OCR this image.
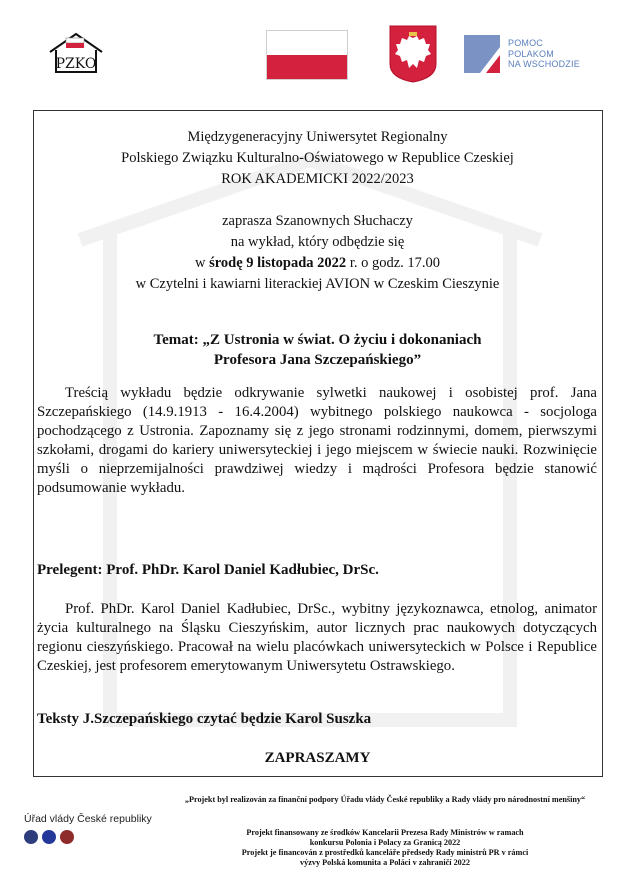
PZKO
POMOC
POLAKOM
NA WSCHODZIE
Międzygeneracyjny Uniwersytet Regionalny
Polskiego Związku Kulturalno-Oświatowego w Republice Czeskiej
ROK AKADEMICKI 2022/2023
zaprasza Szanownych Słuchaczy
na wykład, który odbędzie się
w środę 9 listopada 2022 r. o godz. 17.00
w Czytelni i kawiarni literackiej AVION w Czeskim Cieszynie
Temat: „Z Ustronia w świat. O życiu i dokonaniach
Profesora Jana Szczepańskiego”

Treścią wykładu będzie odkrywanie sylwetki naukowej i osobistej prof. Jana Szczepańskiego (14.9.1913 - 16.4.2004) wybitnego polskiego naukowca - socjologa pochodzącego z Ustronia. Zapoznamy się z jego stronami rodzinnymi, domem, pierwszymi szkołami, drogami do kariery uniwersyteckiej i jego miejscem w świecie nauki. Rozwinięcie myśli o nieprzemijalności prawdziwej wiedzy i mądrości Profesora będzie stanowić podsumowanie wykładu.

Prelegent: Prof. PhDr. Karol Daniel Kadłubiec, DrSc.

Prof. PhDr. Karol Daniel Kadłubiec, DrSc., wybitny językoznawca, etnolog, animator życia kulturalnego na Śląsku Cieszyńskim, autor licznych prac naukowych dotyczących regionu cieszyńskiego. Pracował na wielu placówkach uniwersyteckich w Polsce i Republice Czeskiej, jest profesorem emerytowanym Uniwersytetu Ostrawskiego.

Teksty J.Szczepańskiego czytać będzie Karol Suszka
ZAPRASZAMY
Úřad vlády České republiky
„Projekt byl realizován za finanční podpory Úřadu vlády České republiky a Rady vlády pro národnostní menšiny“
Projekt finansowany ze środków Kancelarii Prezesa Rady Ministrów w ramach
konkursu Polonia i Polacy za Granicą 2022
Projekt je financován z prostředků kanceláře předsedy Rady ministrů PR v rámci
výzvy Polská komunita a Poláci v zahraničí 2022
